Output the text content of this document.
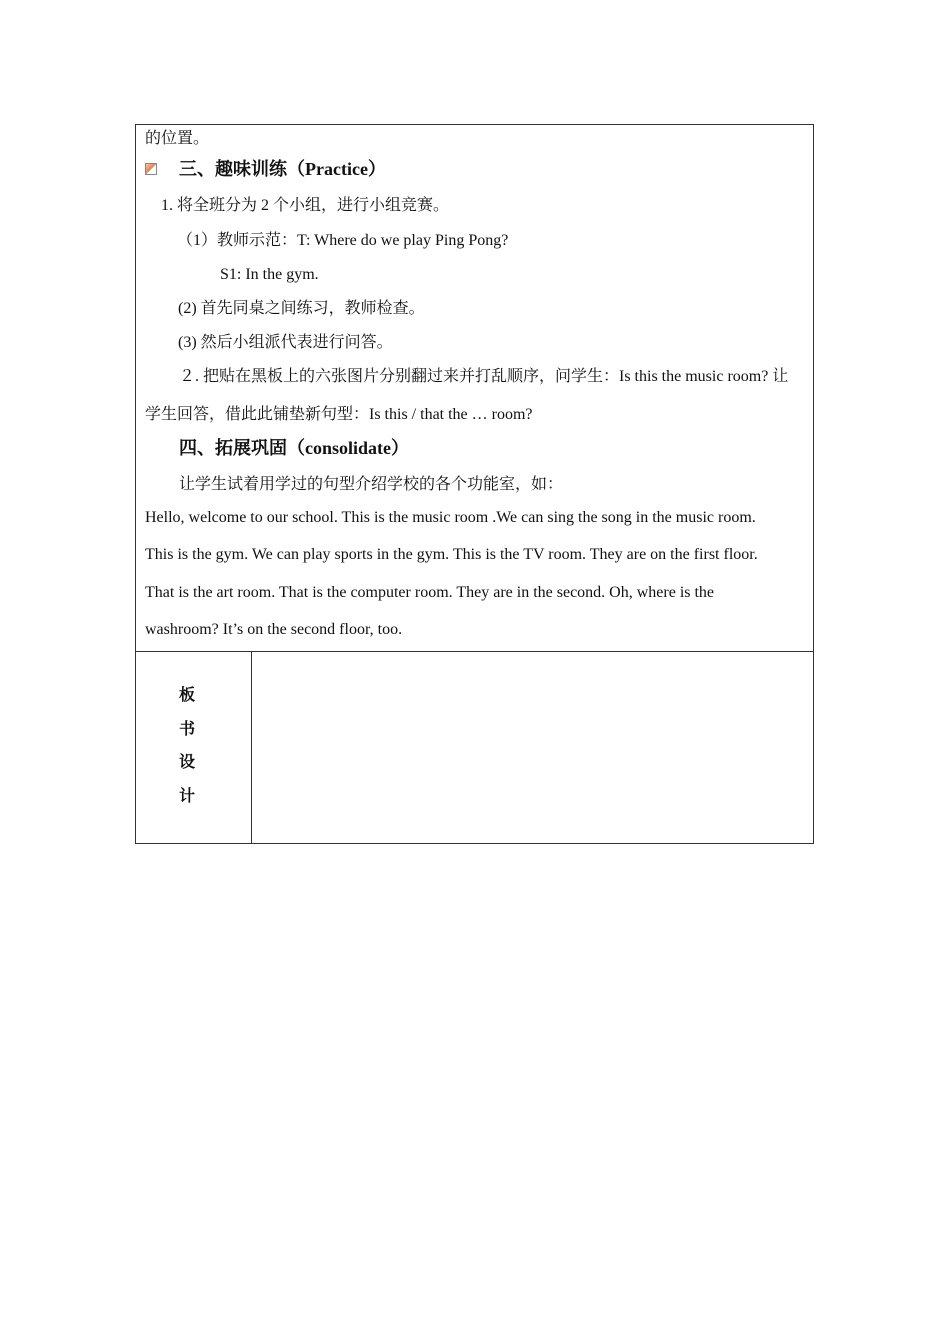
的位置。
三、趣味训练（Practice）
1. 将全班分为 2 个小组，进行小组竞赛。
（1）教师示范：T: Where do we play Ping Pong?
S1: In the gym.
(2) 首先同桌之间练习，教师检查。
(3) 然后小组派代表进行问答。
２. 把贴在黑板上的六张图片分别翻过来并打乱顺序，问学生：Is this the music room? 让
学生回答，借此此铺垫新句型：Is this / that the … room?
四、拓展巩固（consolidate）
让学生试着用学过的句型介绍学校的各个功能室，如：
Hello, welcome to our school. This is the music room .We can sing the song in the music room.
This is the gym. We can play sports in the gym. This is the TV room. They are on the first floor.
That is the art room. That is the computer room. They are in the second. Oh, where is the
washroom? It’s on the second floor, too.
板
书
设
计
